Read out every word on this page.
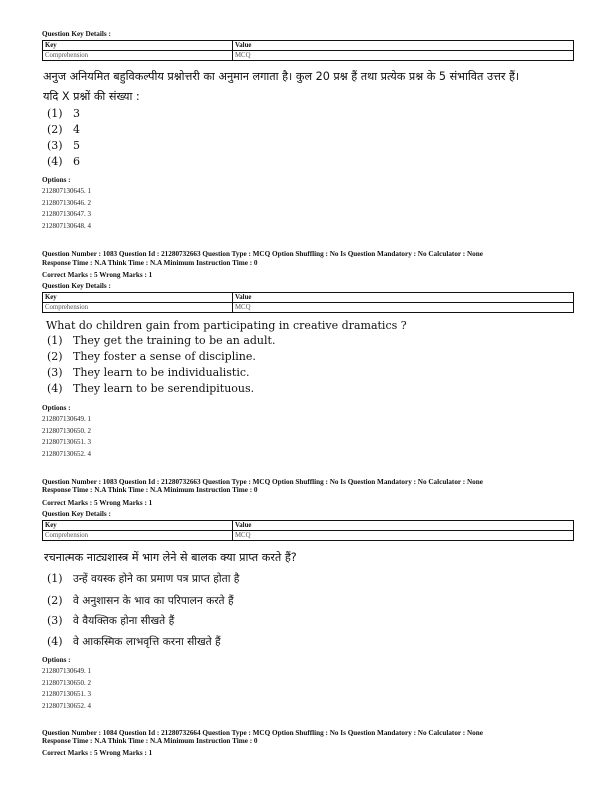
Question Key Details :
Key	Value
Comprehension	MCQ
अनुज अनियमित बहुविकल्पीय प्रश्नोत्तरी का अनुमान लगाता है। कुल 20 प्रश्न हैं तथा प्रत्येक प्रश्न के 5 संभावित उत्तर हैं।
यदि X प्रश्नों की संख्या :
(1) 3
(2) 4
(3) 5
(4) 6
Options :
212807130645. 1
212807130646. 2
212807130647. 3
212807130648. 4
Question Number : 1083 Question Id : 21280732663 Question Type : MCQ Option Shuffling : No Is Question Mandatory : No Calculator : None
Response Time : N.A Think Time : N.A Minimum Instruction Time : 0
Correct Marks : 5 Wrong Marks : 1
Question Key Details :
Key	Value
Comprehension	MCQ
What do children gain from participating in creative dramatics ?
(1) They get the training to be an adult.
(2) They foster a sense of discipline.
(3) They learn to be individualistic.
(4) They learn to be serendipituous.
Options :
212807130649. 1
212807130650. 2
212807130651. 3
212807130652. 4
Question Number : 1083 Question Id : 21280732663 Question Type : MCQ Option Shuffling : No Is Question Mandatory : No Calculator : None
Response Time : N.A Think Time : N.A Minimum Instruction Time : 0
Correct Marks : 5 Wrong Marks : 1
Question Key Details :
Key	Value
Comprehension	MCQ
रचनात्मक नाट्यशास्त्र में भाग लेने से बालक क्या प्राप्त करते हैं?
(1) उन्हें वयस्क होने का प्रमाण पत्र प्राप्त होता है
(2) वे अनुशासन के भाव का परिपालन करते हैं
(3) वे वैयक्तिक होना सीखते हैं
(4) वे आकस्मिक लाभवृत्ति करना सीखते हैं
Options :
212807130649. 1
212807130650. 2
212807130651. 3
212807130652. 4
Question Number : 1084 Question Id : 21280732664 Question Type : MCQ Option Shuffling : No Is Question Mandatory : No Calculator : None
Response Time : N.A Think Time : N.A Minimum Instruction Time : 0
Correct Marks : 5 Wrong Marks : 1
